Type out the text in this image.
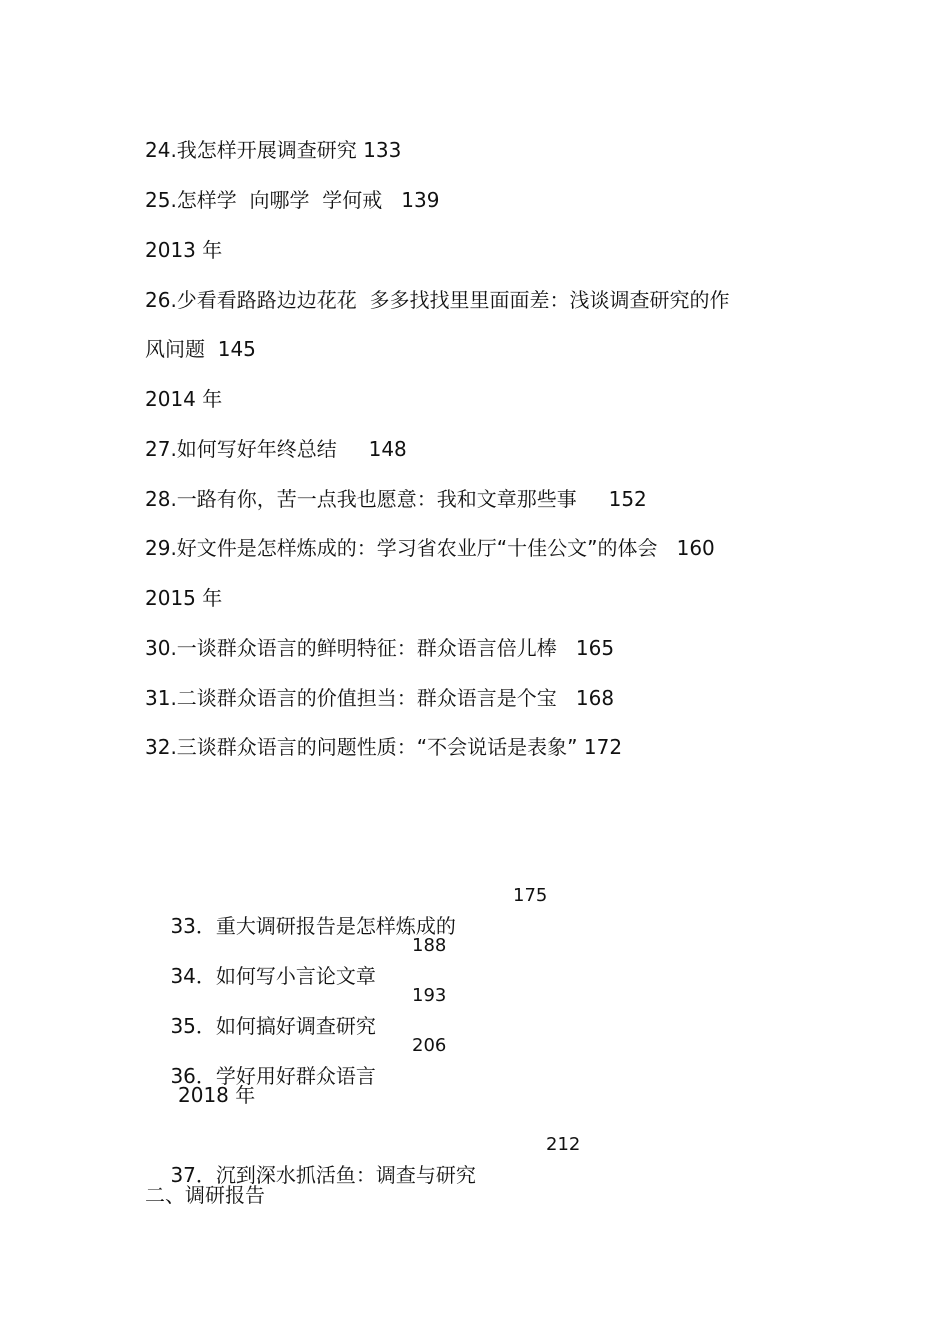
24.我怎样开展调查研究 133
25.怎样学  向哪学  学何戒   139
2013 年
26.少看看路路边边花花  多多找找里里面面差：浅谈调查研究的作
风问题  145
2014 年
27.如何写好年终总结     148
28.一路有你，苦一点我也愿意：我和文章那些事     152
29.好文件是怎样炼成的：学习省农业厅“十佳公文”的体会   160
2015 年
30.一谈群众语言的鲜明特征：群众语言倍儿棒   165
31.二谈群众语言的价值担当：群众语言是个宝   168
32.三谈群众语言的问题性质：“不会说话是表象” 172

33．重大调研报告是怎样炼成的

175

34．如何写小言论文章

188

35．如何搞好调查研究

193

36．学好用好群众语言

206

2018 年

37．沉到深水抓活鱼：调查与研究

212

二、调研报告
